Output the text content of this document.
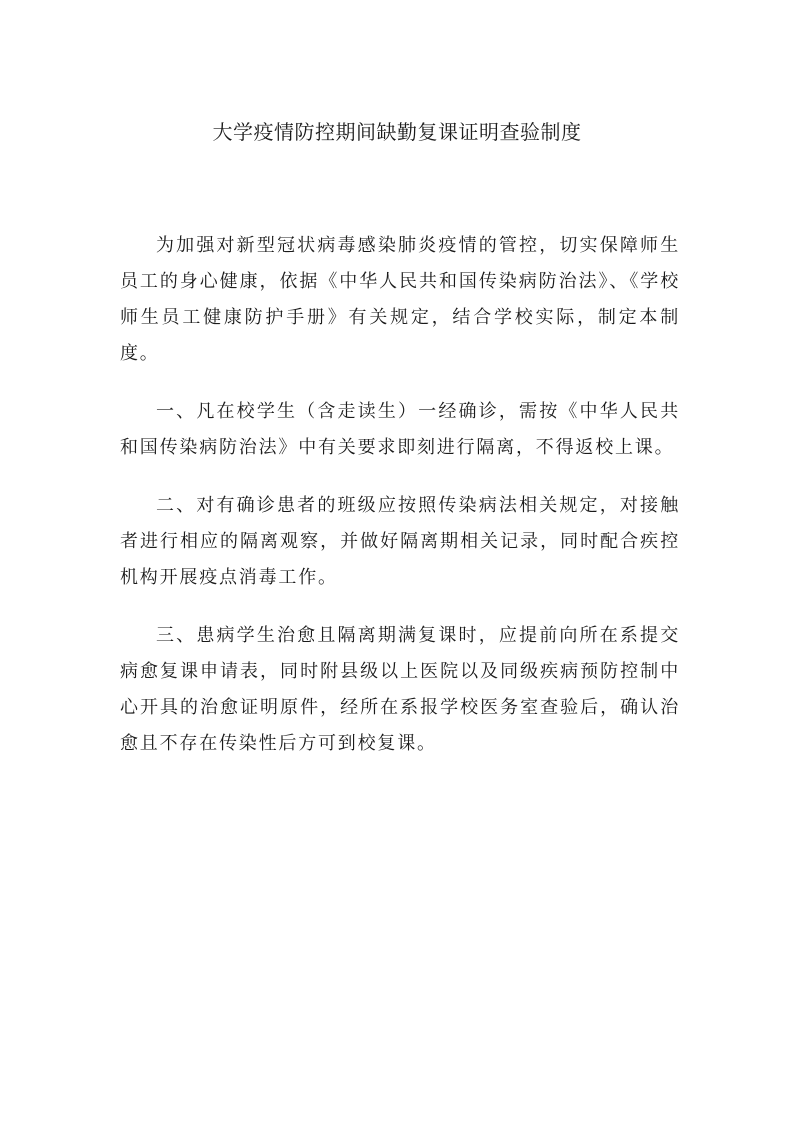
大学疫情防控期间缺勤复课证明查验制度

为加强对新型冠状病毒感染肺炎疫情的管控，切实保障师生员工的身心健康，依据《中华人民共和国传染病防治法》、《学校师生员工健康防护手册》有关规定，结合学校实际，制定本制度。

一、凡在校学生（含走读生）一经确诊，需按《中华人民共和国传染病防治法》中有关要求即刻进行隔离，不得返校上课。

二、对有确诊患者的班级应按照传染病法相关规定，对接触者进行相应的隔离观察，并做好隔离期相关记录，同时配合疾控机构开展疫点消毒工作。

三、患病学生治愈且隔离期满复课时，应提前向所在系提交病愈复课申请表，同时附县级以上医院以及同级疾病预防控制中心开具的治愈证明原件，经所在系报学校医务室查验后，确认治愈且不存在传染性后方可到校复课。
